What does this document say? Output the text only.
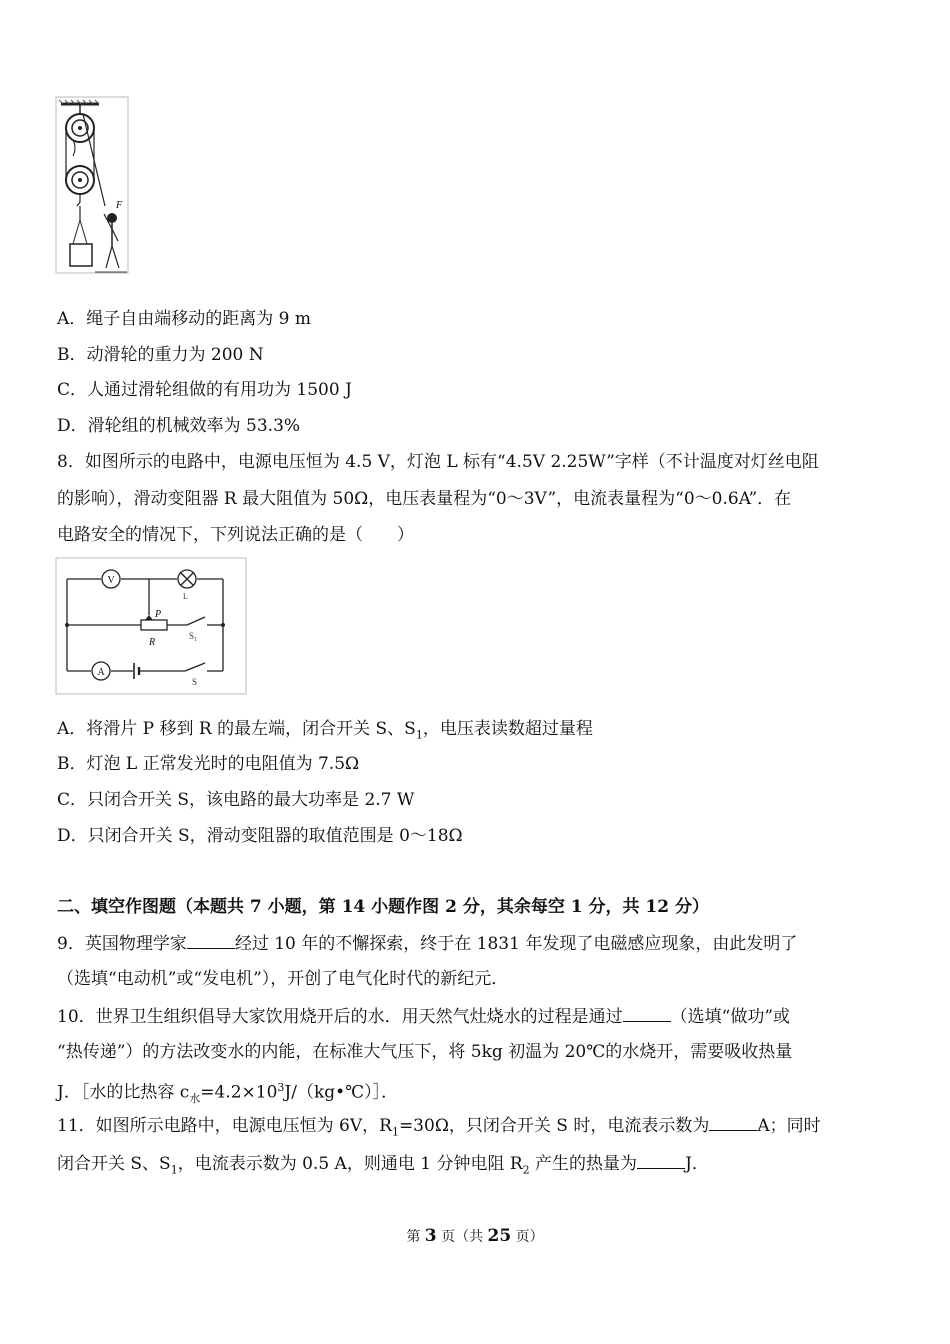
F
A．绳子自由端移动的距离为 9 m
B．动滑轮的重力为 200 N
C．人通过滑轮组做的有用功为 1500 J
D．滑轮组的机械效率为 53.3%
8．如图所示的电路中，电源电压恒为 4.5 V，灯泡 L 标有“4.5V 2.25W”字样（不计温度对灯丝电阻
的影响），滑动变阻器 R 最大阻值为 50Ω，电压表量程为“0～3V”，电流表量程为“0～0.6A”．在
电路安全的情况下，下列说法正确的是（　　）
V
L
P
R
S₁
A
S
A．将滑片 P 移到 R 的最左端，闭合开关 S、$S_1$，电压表读数超过量程
B．灯泡 L 正常发光时的电阻值为 7.5Ω
C．只闭合开关 S，该电路的最大功率是 2.7 W
D．只闭合开关 S，滑动变阻器的取值范围是 0～18Ω
二、填空作图题（本题共 7 小题，第 14 小题作图 2 分，其余每空 1 分，共 12 分）
9．英国物理学家	经过 10 年的不懈探索，终于在 1831 年发现了电磁感应现象，由此发明了
（选填“电动机”或“发电机”），开创了电气化时代的新纪元．
10．世界卫生组织倡导大家饮用烧开后的水．用天然气灶烧水的过程是通过	（选填“做功”或
“热传递”）的方法改变水的内能，在标准大气压下，将 5kg 初温为 20℃的水烧开，需要吸收热量
J．［水的比热容 $c_水=4.2\times 10^3J/(kg•℃)]$．
11．如图所示电路中，电源电压恒为 6V，$R_1=30\Omega$，只闭合开关 S 时，电流表示数为	A；同时
闭合开关 S、$S_1$，电流表示数为 0.5 A，则通电 1 分钟电阻 $R_2$ 产生的热量为	J．
第 3 页（共 25 页）
